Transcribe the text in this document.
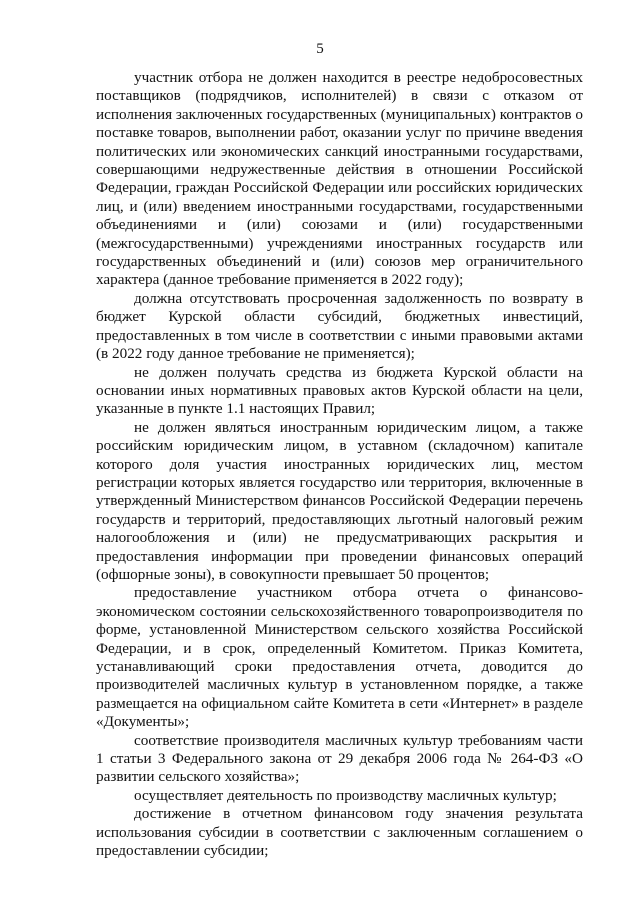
5

участник отбора не должен находится в реестре недобросовестных поставщиков (подрядчиков, исполнителей) в связи с отказом от исполнения заключенных государственных (муниципальных) контрактов о поставке товаров, выполнении работ, оказании услуг по причине введения политических или экономических санкций иностранными государствами, совершающими недружественные действия в отношении Российской Федерации, граждан Российской Федерации или российских юридических лиц, и (или) введением иностранными государствами, государственными объединениями и (или) союзами и (или) государственными (межгосударственными) учреждениями иностранных государств или государственных объединений и (или) союзов мер ограничительного характера (данное требование применяется в 2022 году);

должна отсутствовать просроченная задолженность по возврату в бюджет Курской области субсидий, бюджетных инвестиций, предоставленных в том числе в соответствии с иными правовыми актами (в 2022 году данное требование не применяется);

не должен получать средства из бюджета Курской области на основании иных нормативных правовых актов Курской области на цели, указанные в пункте 1.1 настоящих Правил;

не должен являться иностранным юридическим лицом, а также российским юридическим лицом, в уставном (складочном) капитале которого доля участия иностранных юридических лиц, местом регистрации которых является государство или территория, включенные в утвержденный Министерством финансов Российской Федерации перечень государств и территорий, предоставляющих льготный налоговый режим налогообложения и (или) не предусматривающих раскрытия и предоставления информации при проведении финансовых операций (офшорные зоны), в совокупности превышает 50 процентов;

предоставление участником отбора отчета о финансово-экономическом состоянии сельскохозяйственного товаропроизводителя по форме, установленной Министерством сельского хозяйства Российской Федерации, и в срок, определенный Комитетом. Приказ Комитета, устанавливающий сроки предоставления отчета, доводится до производителей масличных культур в установленном порядке, а также размещается на официальном сайте Комитета в сети «Интернет» в разделе «Документы»;

соответствие производителя масличных культур требованиям части 1 статьи 3 Федерального закона от 29 декабря 2006 года № 264-ФЗ «О развитии сельского хозяйства»;

осуществляет деятельность по производству масличных культур;

достижение в отчетном финансовом году значения результата использования субсидии в соответствии с заключенным соглашением о предоставлении субсидии;
